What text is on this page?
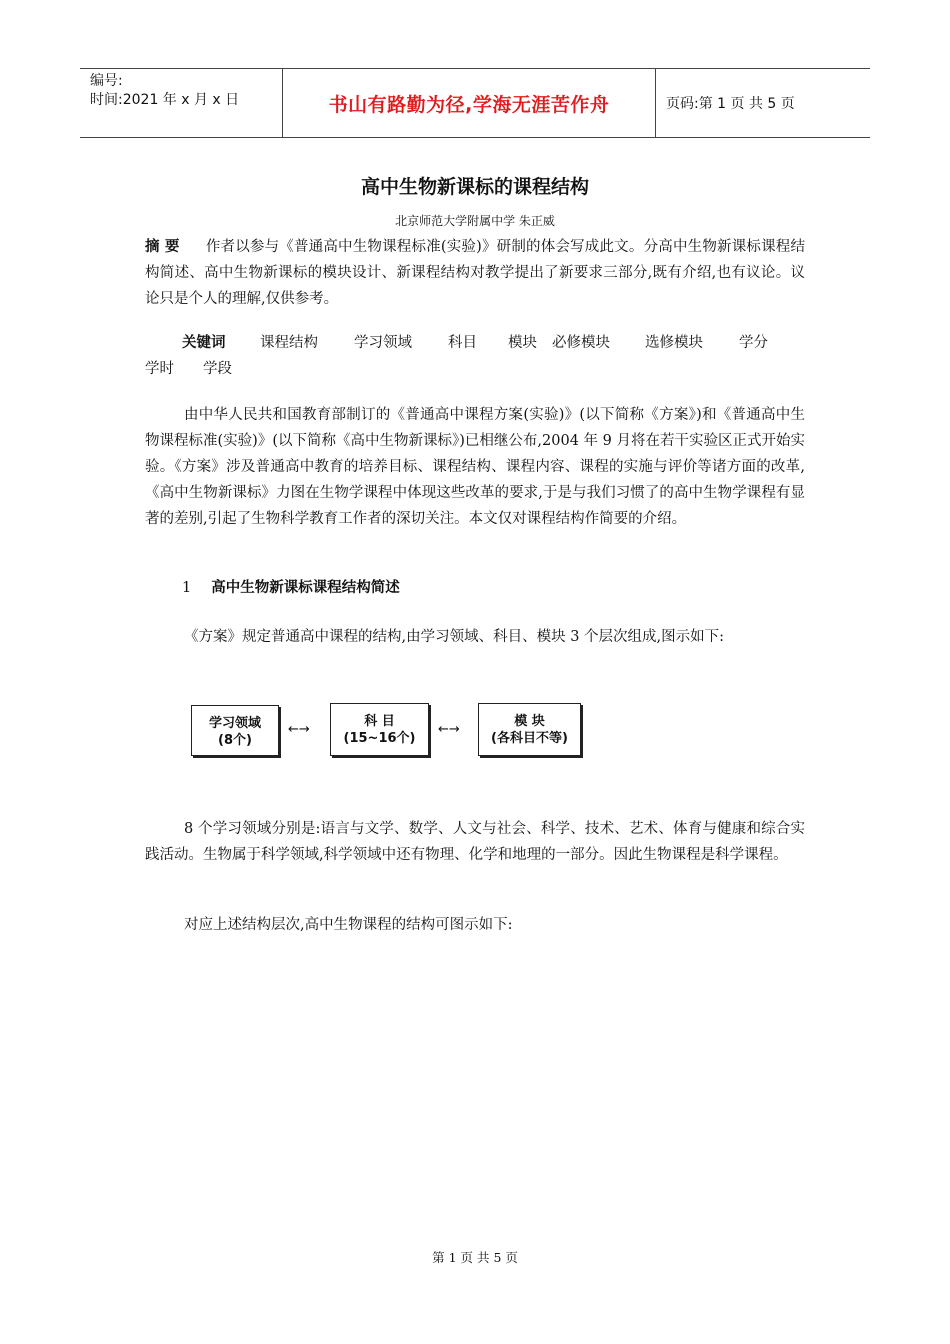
编号:
时间:2021 年 x 月 x 日	书山有路勤为径,学海无涯苦作舟	页码:第 1 页 共 5 页
高中生物新课标的课程结构
北京师范大学附属中学 朱正威

摘 要 作者以参与《普通高中生物课程标准(实验)》研制的体会写成此文。分高中生物新课标课程结构简述、高中生物新课标的模块设计、新课程结构对教学提出了新要求三部分,既有介绍,也有议论。议论只是个人的理解,仅供参考。

关键词 课程结构 学习领域 科目 模块 必修模块 选修模块 学分
学时 学段

由中华人民共和国教育部制订的《普通高中课程方案(实验)》(以下简称《方案》)和《普通高中生物课程标准(实验)》(以下简称《高中生物新课标》)已相继公布,2004 年 9 月将在若干实验区正式开始实验。《方案》涉及普通高中教育的培养目标、课程结构、课程内容、课程的实施与评价等诸方面的改革,《高中生物新课标》力图在生物学课程中体现这些改革的要求,于是与我们习惯了的高中生物学课程有显著的差别,引起了生物科学教育工作者的深切关注。本文仅对课程结构作简要的介绍。

1 高中生物新课标课程结构简述

《方案》规定普通高中课程的结构,由学习领域、科目、模块 3 个层次组成,图示如下:

学习领域
(8个)
←→
科 目
(15~16个)
←→
模 块
(各科目不等)

8 个学习领域分别是:语言与文学、数学、人文与社会、科学、技术、艺术、体育与健康和综合实践活动。生物属于科学领域,科学领域中还有物理、化学和地理的一部分。因此生物课程是科学课程。

对应上述结构层次,高中生物课程的结构可图示如下:

第 1 页 共 5 页
